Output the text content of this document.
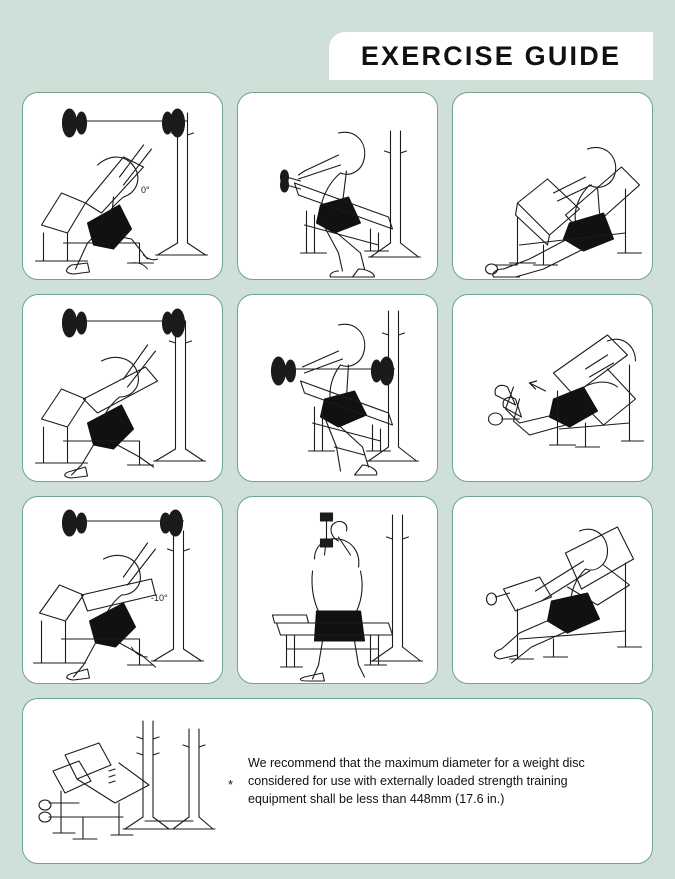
EXERCISE GUIDE
0°
-10°
We recommend that the maximum diameter for a weight disc considered for use with externally loaded strength training equipment shall be less than 448mm (17.6 in.)
*
